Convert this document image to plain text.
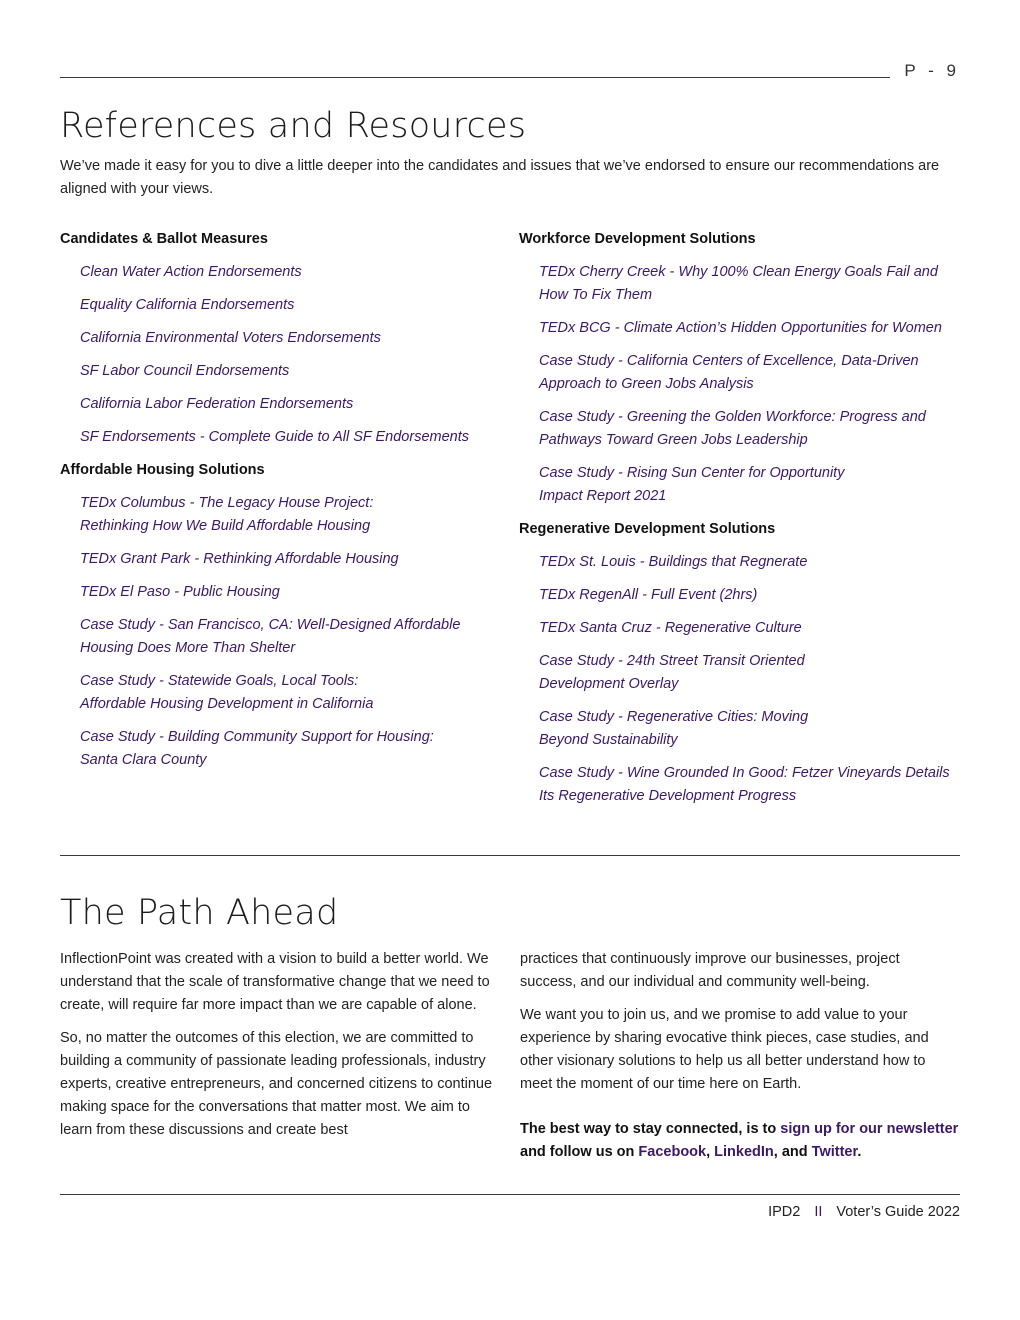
P - 9
References and Resources

We’ve made it easy for you to dive a little deeper into the candidates and issues that we’ve endorsed to ensure our recommendations are aligned with your views.

Candidates & Ballot Measures
Clean Water Action Endorsements
Equality California Endorsements
California Environmental Voters Endorsements
SF Labor Council Endorsements
California Labor Federation Endorsements
SF Endorsements - Complete Guide to All SF Endorsements
Affordable Housing Solutions
TEDx Columbus - The Legacy House Project:
Rethinking How We Build Affordable Housing
TEDx Grant Park - Rethinking Affordable Housing
TEDx El Paso - Public Housing
Case Study - San Francisco, CA: Well-Designed Affordable
Housing Does More Than Shelter
Case Study - Statewide Goals, Local Tools:
Affordable Housing Development in California
Case Study - Building Community Support for Housing:
Santa Clara County
Workforce Development Solutions
TEDx Cherry Creek - Why 100% Clean Energy Goals Fail and
How To Fix Them
TEDx BCG - Climate Action’s Hidden Opportunities for Women
Case Study - California Centers of Excellence, Data-Driven
Approach to Green Jobs Analysis
Case Study - Greening the Golden Workforce: Progress and
Pathways Toward Green Jobs Leadership
Case Study - Rising Sun Center for Opportunity
Impact Report 2021
Regenerative Development Solutions
TEDx St. Louis - Buildings that Regnerate
TEDx RegenAll - Full Event (2hrs)
TEDx Santa Cruz - Regenerative Culture
Case Study - 24th Street Transit Oriented
Development Overlay
Case Study - Regenerative Cities: Moving
Beyond Sustainability
Case Study - Wine Grounded In Good: Fetzer Vineyards Details
Its Regenerative Development Progress
The Path Ahead

InflectionPoint was created with a vision to build a better world. We understand that the scale of transformative change that we need to create, will require far more impact than we are capable of alone.

So, no matter the outcomes of this election, we are committed to building a community of passionate leading professionals, industry experts, creative entrepreneurs, and concerned citizens to continue making space for the conversations that matter most. We aim to learn from these discussions and create best

practices that continuously improve our businesses, project success, and our individual and community well-being.

We want you to join us, and we promise to add value to your experience by sharing evocative think pieces, case studies, and other visionary solutions to help us all better understand how to meet the moment of our time here on Earth.

The best way to stay connected, is to sign up for our newsletter and follow us on Facebook, LinkedIn, and Twitter.

IPD2 II Voter’s Guide 2022
